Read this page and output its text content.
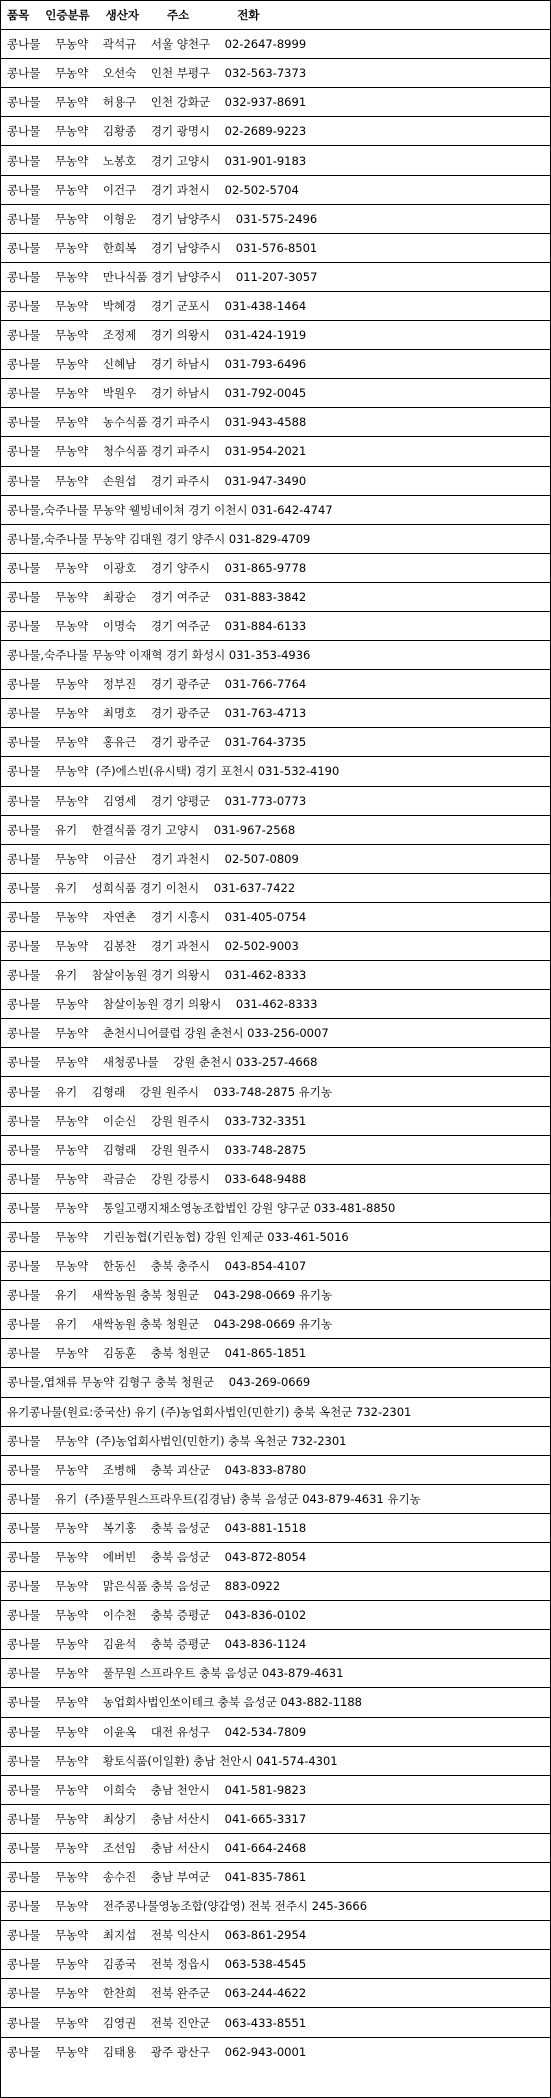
품목    인증분류    생산자       주소            전화
콩나물    무농약    곽석규    서울 양천구    02-2647-8999
콩나물    무농약    오선숙    인천 부평구    032-563-7373
콩나물    무농약    허용구    인천 강화군    032-937-8691
콩나물    무농약    김황종    경기 광명시    02-2689-9223
콩나물    무농약    노봉호    경기 고양시    031-901-9183
콩나물    무농약    이건구    경기 과천시    02-502-5704
콩나물    무농약    이형운    경기 남양주시    031-575-2496
콩나물    무농약    한희복    경기 남양주시    031-576-8501
콩나물    무농약    만나식품 경기 남양주시    011-207-3057
콩나물    무농약    박혜경    경기 군포시    031-438-1464
콩나물    무농약    조정제    경기 의왕시    031-424-1919
콩나물    무농약    신혜남    경기 하남시    031-793-6496
콩나물    무농약    박원우    경기 하남시    031-792-0045
콩나물    무농약    농수식품 경기 파주시    031-943-4588
콩나물    무농약    청수식품 경기 파주시    031-954-2021
콩나물    무농약    손원섭    경기 파주시    031-947-3490
콩나물,숙주나물 무농약 웰빙네이쳐 경기 이천시 031-642-4747
콩나물,숙주나물 무농약 김대원 경기 양주시 031-829-4709
콩나물    무농약    이광호    경기 양주시    031-865-9778
콩나물    무농약    최광순    경기 여주군    031-883-3842
콩나물    무농약    이명숙    경기 여주군    031-884-6133
콩나물,숙주나물 무농약 이재혁 경기 화성시 031-353-4936
콩나물    무농약    정부진    경기 광주군    031-766-7764
콩나물    무농약    최명호    경기 광주군    031-763-4713
콩나물    무농약    홍유근    경기 광주군    031-764-3735
콩나물    무농약  (주)에스빈(유시택) 경기 포천시 031-532-4190
콩나물    무농약    김영세    경기 양평군    031-773-0773
콩나물    유기    한결식품 경기 고양시    031-967-2568
콩나물    무농약    이금산    경기 과천시    02-507-0809
콩나물    유기    성희식품 경기 이천시    031-637-7422
콩나물    무농약    자연촌    경기 시흥시    031-405-0754
콩나물    무농약    김봉찬    경기 과천시    02-502-9003
콩나물    유기    참살이농원 경기 의왕시    031-462-8333
콩나물    무농약    참살이농원 경기 의왕시    031-462-8333
콩나물    무농약    춘천시니어클럽 강원 춘천시 033-256-0007
콩나물    무농약    새청콩나물    강원 춘천시 033-257-4668
콩나물    유기    김형래    강원 원주시    033-748-2875 유기농
콩나물    무농약    이순신    강원 원주시    033-732-3351
콩나물    무농약    김형래    강원 원주시    033-748-2875
콩나물    무농약    곽금순    강원 강릉시    033-648-9488
콩나물    무농약    통일고랭지채소영농조합법인 강원 양구군 033-481-8850
콩나물    무농약    기린농협(기린농협) 강원 인제군 033-461-5016
콩나물    무농약    한동신    충북 충주시    043-854-4107
콩나물    유기    새싹농원 충북 청원군    043-298-0669 유기농
콩나물    유기    새싹농원 충북 청원군    043-298-0669 유기농
콩나물    무농약    김동훈    충북 청원군    041-865-1851
콩나물,엽채류 무농약 김형구 충북 청원군    043-269-0669
유기콩나물(원료:중국산) 유기 (주)농업회사법인(민한기) 충북 옥천군 732-2301
콩나물    무농약  (주)농업회사법인(민한기) 충북 옥천군 732-2301
콩나물    무농약    조병해    충북 괴산군    043-833-8780
콩나물    유기  (주)풀무원스프라우트(김경남) 충북 음성군 043-879-4631 유기농
콩나물    무농약    복기홍    충북 음성군    043-881-1518
콩나물    무농약    에버빈    충북 음성군    043-872-8054
콩나물    무농약    맑은식품 충북 음성군    883-0922
콩나물    무농약    이수천    충북 증평군    043-836-0102
콩나물    무농약    김윤석    충북 증평군    043-836-1124
콩나물    무농약    풀무원 스프라우트 충북 음성군 043-879-4631
콩나물    무농약    농업회사법인쏘이테크 충북 음성군 043-882-1188
콩나물    무농약    이윤옥    대전 유성구    042-534-7809
콩나물    무농약    황토식품(이일환) 충남 천안시 041-574-4301
콩나물    무농약    이희숙    충남 천안시    041-581-9823
콩나물    무농약    최상기    충남 서산시    041-665-3317
콩나물    무농약    조선임    충남 서산시    041-664-2468
콩나물    무농약    송수진    충남 부여군    041-835-7861
콩나물    무농약    전주콩나물영농조합(양갑영) 전북 전주시 245-3666
콩나물    무농약    최지섭    전북 익산시    063-861-2954
콩나물    무농약    김종국    전북 정읍시    063-538-4545
콩나물    무농약    한찬희    전북 완주군    063-244-4622
콩나물    무농약    김영권    전북 진안군    063-433-8551
콩나물    무농약    김태용    광주 광산구    062-943-0001
